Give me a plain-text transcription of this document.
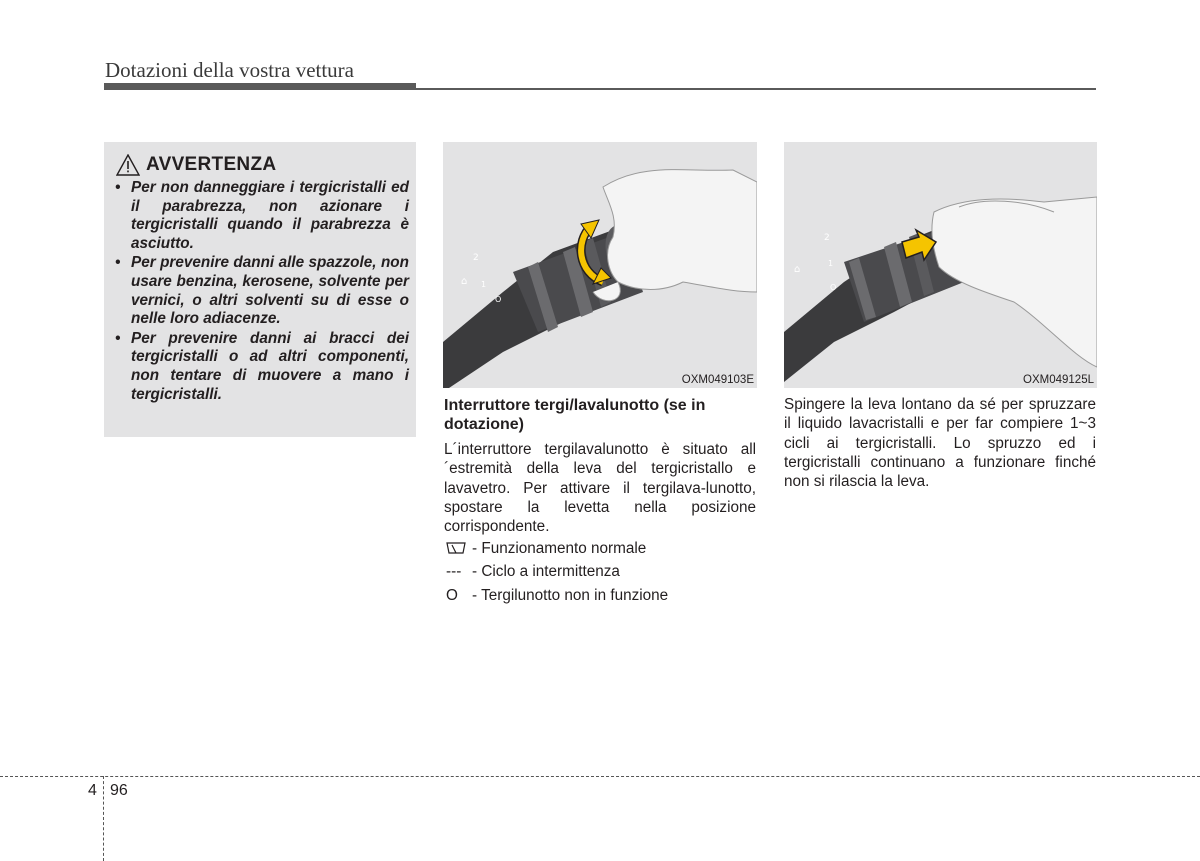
Dotazioni della vostra vettura
AVVERTENZA
• Per non danneggiare i tergicristalli ed il parabrezza, non azionare i tergicristalli quando il parabrezza è asciutto.
• Per prevenire danni alle spazzole, non usare benzina, kerosene, solvente per vernici, o altri solventi su di esse o nelle loro adiacenze.
• Per prevenire danni ai bracci dei tergicristalli o ad altri componenti, non tentare di muovere a mano i tergicristalli.
⌂
2
1
O
OXM049103E
⌂
2
1
O
OXM049125L
Interruttore tergi/lavalunotto (se in dotazione)
L´interruttore tergilavalunotto è situato all´estremità della leva del tergicristallo e lavavetro. Per attivare il tergilava-lunotto, spostare la levetta nella posizione corrispondente.
- Funzionamento normale
--- - Ciclo a intermittenza
O - Tergilunotto non in funzione
Spingere la leva lontano da sé per spruzzare il liquido lavacristalli e per far compiere 1~3 cicli ai tergicristalli. Lo spruzzo ed i tergicristalli continuano a funzionare finché non si rilascia la leva.
4 96
